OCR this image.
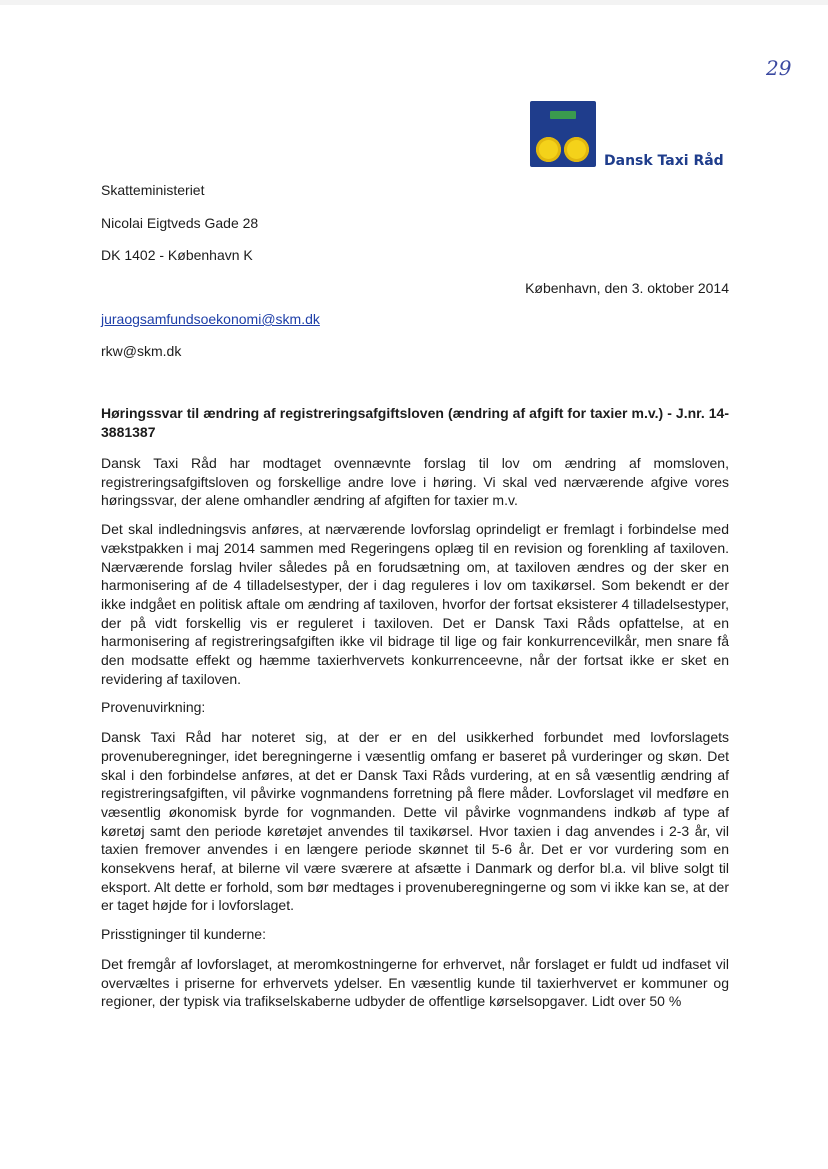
29
Dansk Taxi Råd
Skatteministeriet
Nicolai Eigtveds Gade 28
DK 1402 - København K
København, den 3. oktober 2014
juraogsamfundsoekonomi@skm.dk
rkw@skm.dk

Høringssvar til ændring af registreringsafgiftsloven (ændring af afgift for taxier m.v.) - J.nr. 14-3881387

Dansk Taxi Råd har modtaget ovennævnte forslag til lov om ændring af momsloven, registreringsafgiftsloven og forskellige andre love i høring. Vi skal ved nærværende afgive vores høringssvar, der alene omhandler ændring af afgiften for taxier m.v.

Det skal indledningsvis anføres, at nærværende lovforslag oprindeligt er fremlagt i forbindelse med vækstpakken i maj 2014 sammen med Regeringens oplæg til en revision og forenkling af taxiloven. Nærværende forslag hviler således på en forudsætning om, at taxiloven ændres og der sker en harmonisering af de 4 tilladelsestyper, der i dag reguleres i lov om taxikørsel. Som bekendt er der ikke indgået en politisk aftale om ændring af taxiloven, hvorfor der fortsat eksisterer 4 tilladelsestyper, der på vidt forskellig vis er reguleret i taxiloven. Det er Dansk Taxi Råds opfattelse, at en harmonisering af registreringsafgiften ikke vil bidrage til lige og fair konkurrencevilkår, men snare få den modsatte effekt og hæmme taxierhvervets konkurrenceevne, når der fortsat ikke er sket en revidering af taxiloven.

Provenuvirkning:

Dansk Taxi Råd har noteret sig, at der er en del usikkerhed forbundet med lovforslagets provenuberegninger, idet beregningerne i væsentlig omfang er baseret på vurderinger og skøn. Det skal i den forbindelse anføres, at det er Dansk Taxi Råds vurdering, at en så væsentlig ændring af registreringsafgiften, vil påvirke vognmandens forretning på flere måder. Lovforslaget vil medføre en væsentlig økonomisk byrde for vognmanden. Dette vil påvirke vognmandens indkøb af type af køretøj samt den periode køretøjet anvendes til taxikørsel. Hvor taxien i dag anvendes i 2-3 år, vil taxien fremover anvendes i en længere periode skønnet til 5-6 år. Det er vor vurdering som en konsekvens heraf, at bilerne vil være sværere at afsætte i Danmark og derfor bl.a. vil blive solgt til eksport. Alt dette er forhold, som bør medtages i provenuberegningerne og som vi ikke kan se, at der er taget højde for i lovforslaget.

Prisstigninger til kunderne:

Det fremgår af lovforslaget, at meromkostningerne for erhvervet, når forslaget er fuldt ud indfaset vil overvæltes i priserne for erhvervets ydelser. En væsentlig kunde til taxierhvervet er kommuner og regioner, der typisk via trafikselskaberne udbyder de offentlige kørselsopgaver. Lidt over 50 %
